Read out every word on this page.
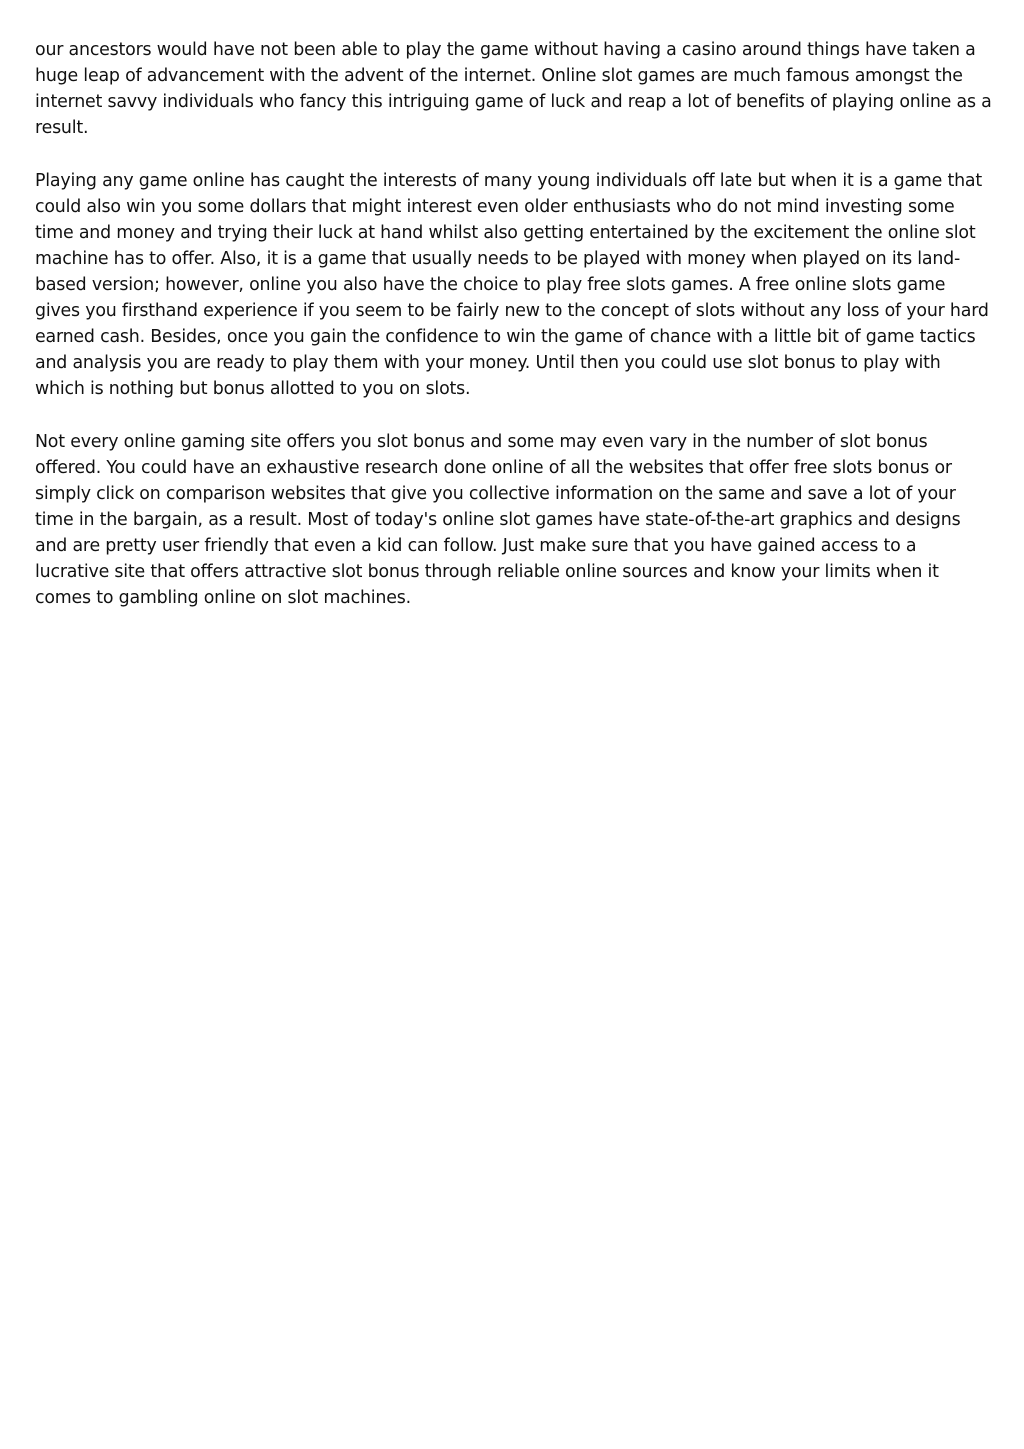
our ancestors would have not been able to play the game without having a casino around things have taken a huge leap of advancement with the advent of the internet. Online slot games are much famous amongst the internet savvy individuals who fancy this intriguing game of luck and reap a lot of benefits of playing online as a result.

Playing any game online has caught the interests of many young individuals off late but when it is a game that could also win you some dollars that might interest even older enthusiasts who do not mind investing some time and money and trying their luck at hand whilst also getting entertained by the excitement the online slot machine has to offer. Also, it is a game that usually needs to be played with money when played on its land-based version; however, online you also have the choice to play free slots games. A free online slots game gives you firsthand experience if you seem to be fairly new to the concept of slots without any loss of your hard earned cash. Besides, once you gain the confidence to win the game of chance with a little bit of game tactics and analysis you are ready to play them with your money. Until then you could use slot bonus to play with which is nothing but bonus allotted to you on slots.

Not every online gaming site offers you slot bonus and some may even vary in the number of slot bonus offered. You could have an exhaustive research done online of all the websites that offer free slots bonus or simply click on comparison websites that give you collective information on the same and save a lot of your time in the bargain, as a result. Most of today's online slot games have state-of-the-art graphics and designs and are pretty user friendly that even a kid can follow. Just make sure that you have gained access to a lucrative site that offers attractive slot bonus through reliable online sources and know your limits when it comes to gambling online on slot machines.
